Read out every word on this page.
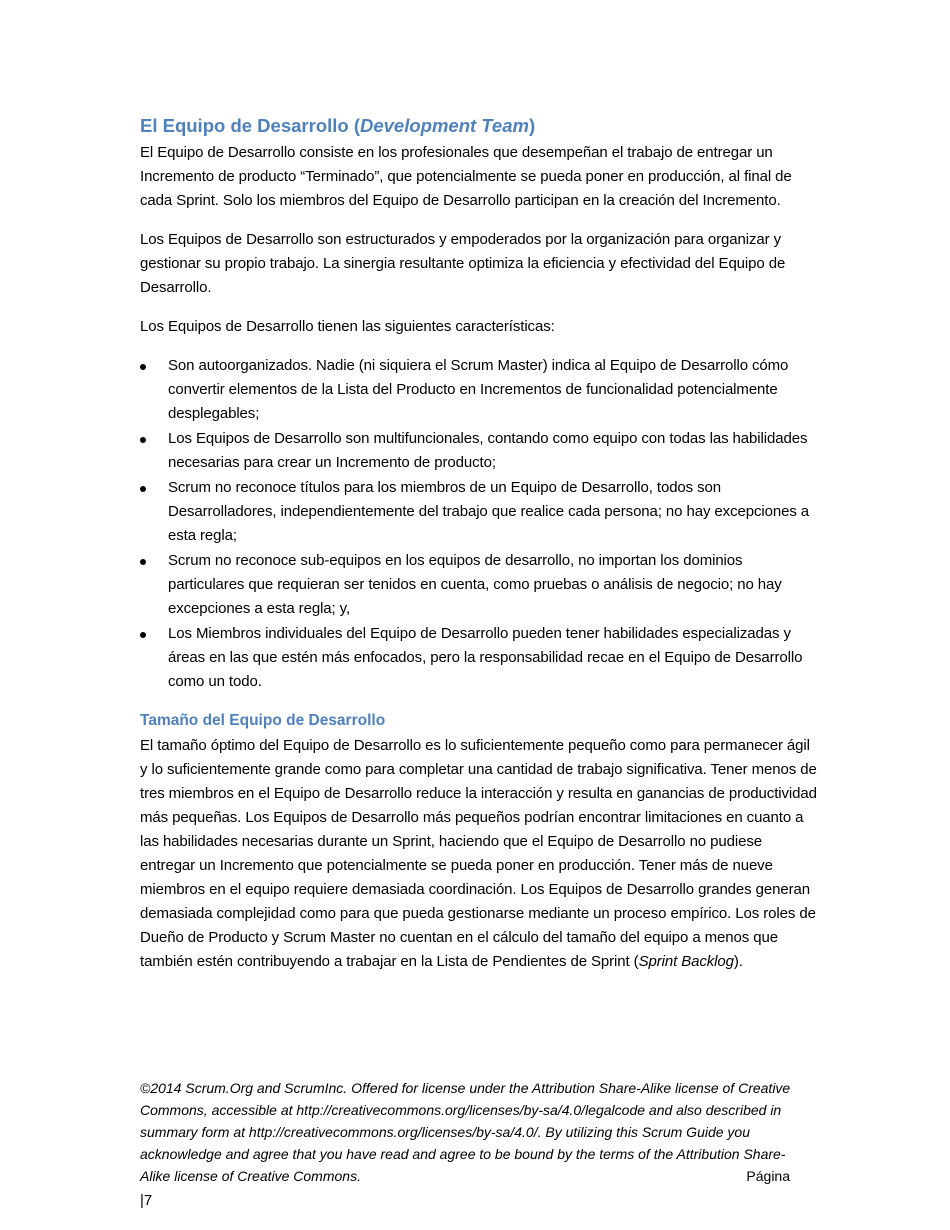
El Equipo de Desarrollo (Development Team)

El Equipo de Desarrollo consiste en los profesionales que desempeñan el trabajo de entregar un Incremento de producto “Terminado”, que potencialmente se pueda poner en producción, al final de cada Sprint. Solo los miembros del Equipo de Desarrollo participan en la creación del Incremento.

Los Equipos de Desarrollo son estructurados y empoderados por la organización para organizar y gestionar su propio trabajo. La sinergia resultante optimiza la eficiencia y efectividad del Equipo de Desarrollo.

Los Equipos de Desarrollo tienen las siguientes características:

Son autoorganizados. Nadie (ni siquiera el Scrum Master) indica al Equipo de Desarrollo cómo convertir elementos de la Lista del Producto en Incrementos de funcionalidad potencialmente desplegables;
Los Equipos de Desarrollo son multifuncionales, contando como equipo con todas las habilidades necesarias para crear un Incremento de producto;
Scrum no reconoce títulos para los miembros de un Equipo de Desarrollo, todos son Desarrolladores, independientemente del trabajo que realice cada persona; no hay excepciones a esta regla;
Scrum no reconoce sub-equipos en los equipos de desarrollo, no importan los dominios particulares que requieran ser tenidos en cuenta, como pruebas o análisis de negocio; no hay excepciones a esta regla; y,
Los Miembros individuales del Equipo de Desarrollo pueden tener habilidades especializadas y áreas en las que estén más enfocados, pero la responsabilidad recae en el Equipo de Desarrollo como un todo.
Tamaño del Equipo de Desarrollo

El tamaño óptimo del Equipo de Desarrollo es lo suficientemente pequeño como para permanecer ágil y lo suficientemente grande como para completar una cantidad de trabajo significativa. Tener menos de tres miembros en el Equipo de Desarrollo reduce la interacción y resulta en ganancias de productividad más pequeñas. Los Equipos de Desarrollo más pequeños podrían encontrar limitaciones en cuanto a las habilidades necesarias durante un Sprint, haciendo que el Equipo de Desarrollo no pudiese entregar un Incremento que potencialmente se pueda poner en producción. Tener más de nueve miembros en el equipo requiere demasiada coordinación. Los Equipos de Desarrollo grandes generan demasiada complejidad como para que pueda gestionarse mediante un proceso empírico. Los roles de Dueño de Producto y Scrum Master no cuentan en el cálculo del tamaño del equipo a menos que también estén contribuyendo a trabajar en la Lista de Pendientes de Sprint (Sprint Backlog).

©2014 Scrum.Org and ScrumInc. Offered for license under the Attribution Share-Alike license of Creative Commons, accessible at http://creativecommons.org/licenses/by-sa/4.0/legalcode and also described in summary form at http://creativecommons.org/licenses/by-sa/4.0/. By utilizing this Scrum Guide you acknowledge and agree that you have read and agree to be bound by the terms of the Attribution Share-Alike license of Creative Commons.	Página
|7
